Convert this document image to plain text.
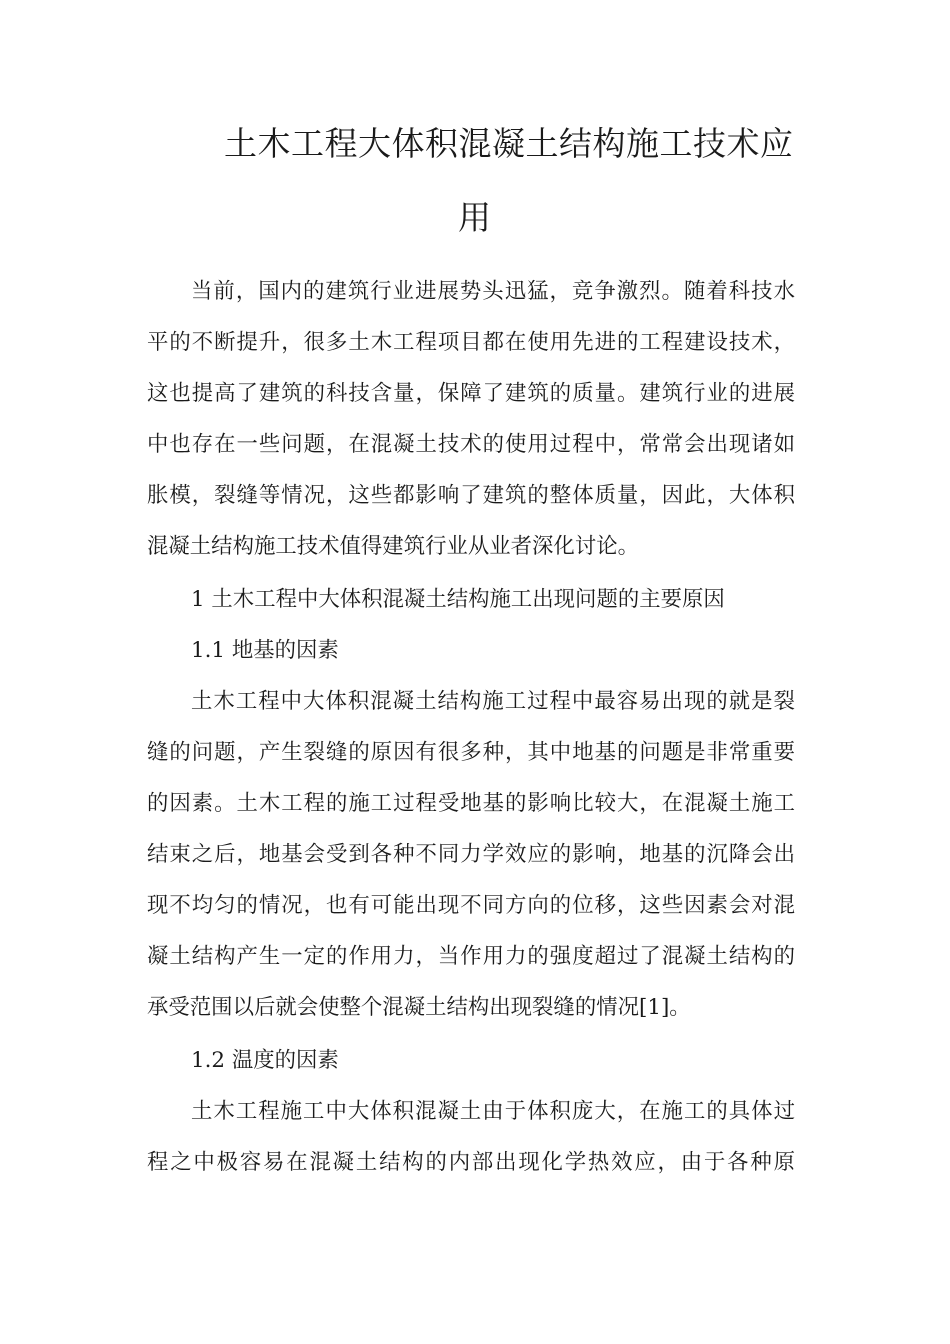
土木工程大体积混凝土结构施工技术应
用
当前，国内的建筑行业进展势头迅猛，竞争激烈。随着科技水
平的不断提升，很多土木工程项目都在使用先进的工程建设技术，
这也提高了建筑的科技含量，保障了建筑的质量。建筑行业的进展
中也存在一些问题，在混凝土技术的使用过程中，常常会出现诸如
胀模，裂缝等情况，这些都影响了建筑的整体质量，因此，大体积
混凝土结构施工技术值得建筑行业从业者深化讨论。
1 土木工程中大体积混凝土结构施工出现问题的主要原因
1.1 地基的因素
土木工程中大体积混凝土结构施工过程中最容易出现的就是裂
缝的问题，产生裂缝的原因有很多种，其中地基的问题是非常重要
的因素。土木工程的施工过程受地基的影响比较大，在混凝土施工
结束之后，地基会受到各种不同力学效应的影响，地基的沉降会出
现不均匀的情况，也有可能出现不同方向的位移，这些因素会对混
凝土结构产生一定的作用力，当作用力的强度超过了混凝土结构的
承受范围以后就会使整个混凝土结构出现裂缝的情况[1]。
1.2 温度的因素
土木工程施工中大体积混凝土由于体积庞大，在施工的具体过
程之中极容易在混凝土结构的内部出现化学热效应，由于各种原
